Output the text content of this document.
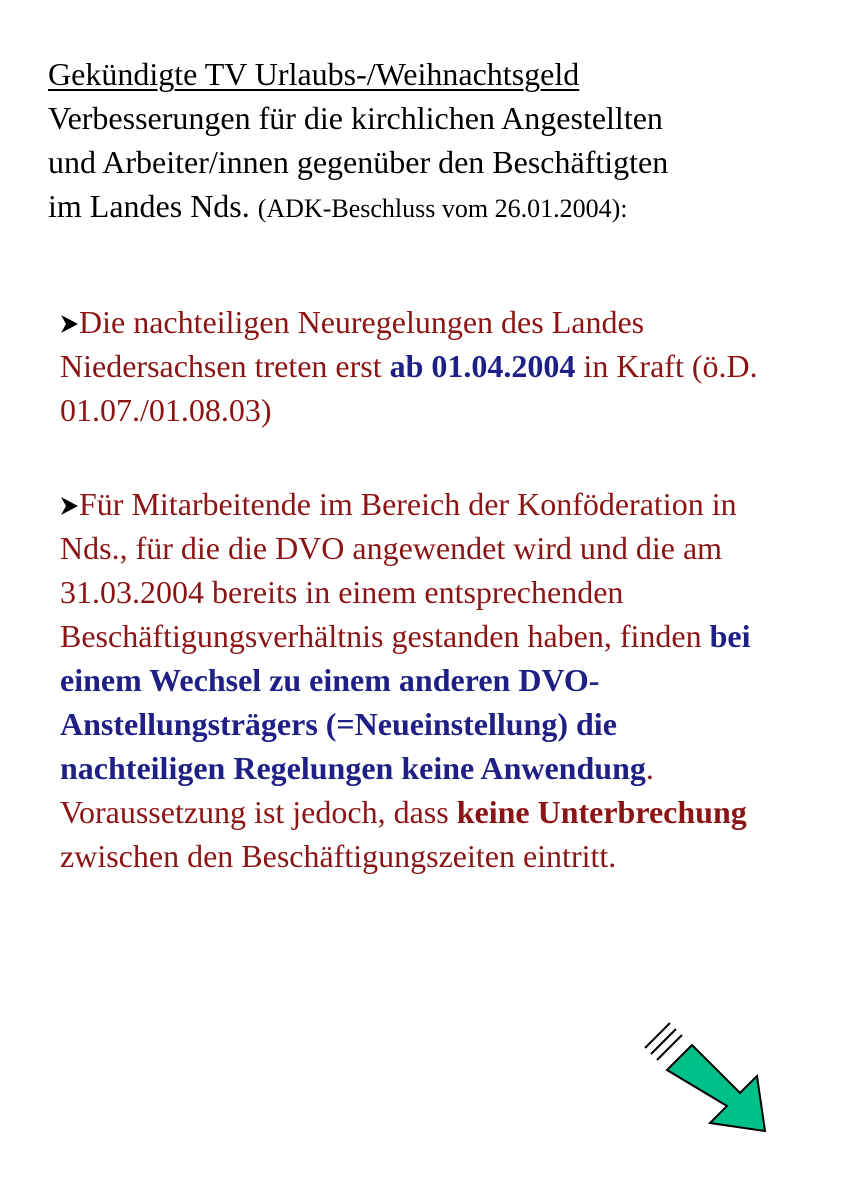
Gekündigte TV Urlaubs-/Weihnachtsgeld
Verbesserungen für die kirchlichen Angestellten
und Arbeiter/innen gegenüber den Beschäftigten
im Landes Nds. (ADK-Beschluss vom 26.01.2004):
Die nachteiligen Neuregelungen des Landes Niedersachsen treten erst ab 01.04.2004 in Kraft (ö.D. 01.07./01.08.03)
Für Mitarbeitende im Bereich der Konföderation in Nds., für die die DVO angewendet wird und die am 31.03.2004 bereits in einem entsprechenden Beschäftigungsverhältnis gestanden haben, finden bei einem Wechsel zu einem anderen DVO-Anstellungsträgers (=Neueinstellung) die nachteiligen Regelungen keine Anwendung. Voraussetzung ist jedoch, dass keine Unterbrechung zwischen den Beschäftigungszeiten eintritt.
